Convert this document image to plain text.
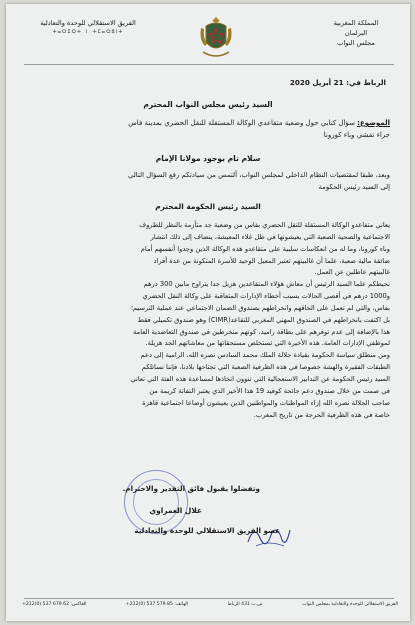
المملكة المغربية
البرلمان
مجلس النواب
الفريق الاستقلالي للوحدة والتعادلية
ⵜⴰⵔⵉⵔⵜ ⵏ ⵜⵎⴰⵔⵓⵏⵜ
الرباط في: 21 أبريل 2020
السيد رئيس مجلس النواب المحترم
الموضوع: سؤال كتابي حول وضعية متقاعدي الوكالة المستقلة للنقل الحضري بمدينة فاس
جراء تفشي وباء كورونا
سلام تام بوجود مولانا الإمام
وبعد، طبقا لمقتضيات النظام الداخلي لمجلس النواب، ألتمس من سيادتكم رفع السؤال التالي
إلى السيد رئيس الحكومة
السيد رئيس الحكومة المحترم
يعاني متقاعدو الوكالة المستقلة للنقل الحضري بفاس من وضعية جد متأزمة بالنظر للظروف
الاجتماعية والصحية الصعبة التي يعيشونها في ظل غلاء المعيشة، ينضاف إلى ذلك انتشار
وباء كورونا، وما له من انعكاسات سلبية على متقاعدو هذه الوكالة الذين وجدوا أنفسهم أمام
ضائقة مالية صعبة، علما أن غالبيتهم تعتبر المعيل الوحيد للأسرة المتكونة من عدة أفراد
غالبيتهم عاطلين عن العمل.
نحيطكم علما السيد الرئيس أن معاش هؤلاء المتقاعدين هزيل جدا يتراوح مابين 300 درهم
و1000 درهم في أقصى الحالات بسبب أخطاء الإدارات المتعاقبة على وكالة النقل الحضري
بفاس، والتي لم تعمل على الحاقهم وانخراطهم بصندوق الضمان الاجتماعي عند عملية الترسيم؛
بل اكتفت بانخراطهم في الصندوق المهني المغربي للتقاعد(CIMR) وهو صندوق تكميلي فقط
هذا بالإضافة إلى عدم توفرهم على بطاقة راميد، كونهم منخرطين في صندوق التعاضدية العامة
لموظفي الإدارات العامة. هذه الأخيرة التي تستخلص مستحقاتها من معاشاتهم الجد هزيلة.
ومن منطلق سياسة الحكومة بقيادة جلالة الملك محمد السادس نصره الله، الرامية إلى دعم
الطبقات الفقيرة والهشة خصوصا في هذه الظرفية الصعبة التي تجتاحها بلادنا، فإننا نسائلكم
السيد رئيس الحكومة عن التدابير الاستعجالية التي تنوون اتخاذها لمساعدة هذه الفئة التي تعاني
في صمت من خلال صندوق دعم جائحة كوفيد 19 هذا الأخير الذي يعتبر التفاتة كريمة من
صاحب الجلالة نصره الله إزاء المواطنات والمواطنين الذين يعيشون أوضاعا اجتماعية قاهرة
خاصة في هذه الظرفية الحرجة من تاريخ المغرب.
وتفضلوا بقبول فائق التقدير والاحترام.
علال العمراوي
عضو الفريق الاستقلالي للوحدة والتعادلية
الفريق الاستقلالي للوحدة والتعادلية بمجلس النواب
ص.ب 431 الرباط
الهاتف: 85 579 537 (0)212+
الفاكس: 62 679 537 (0)212+
